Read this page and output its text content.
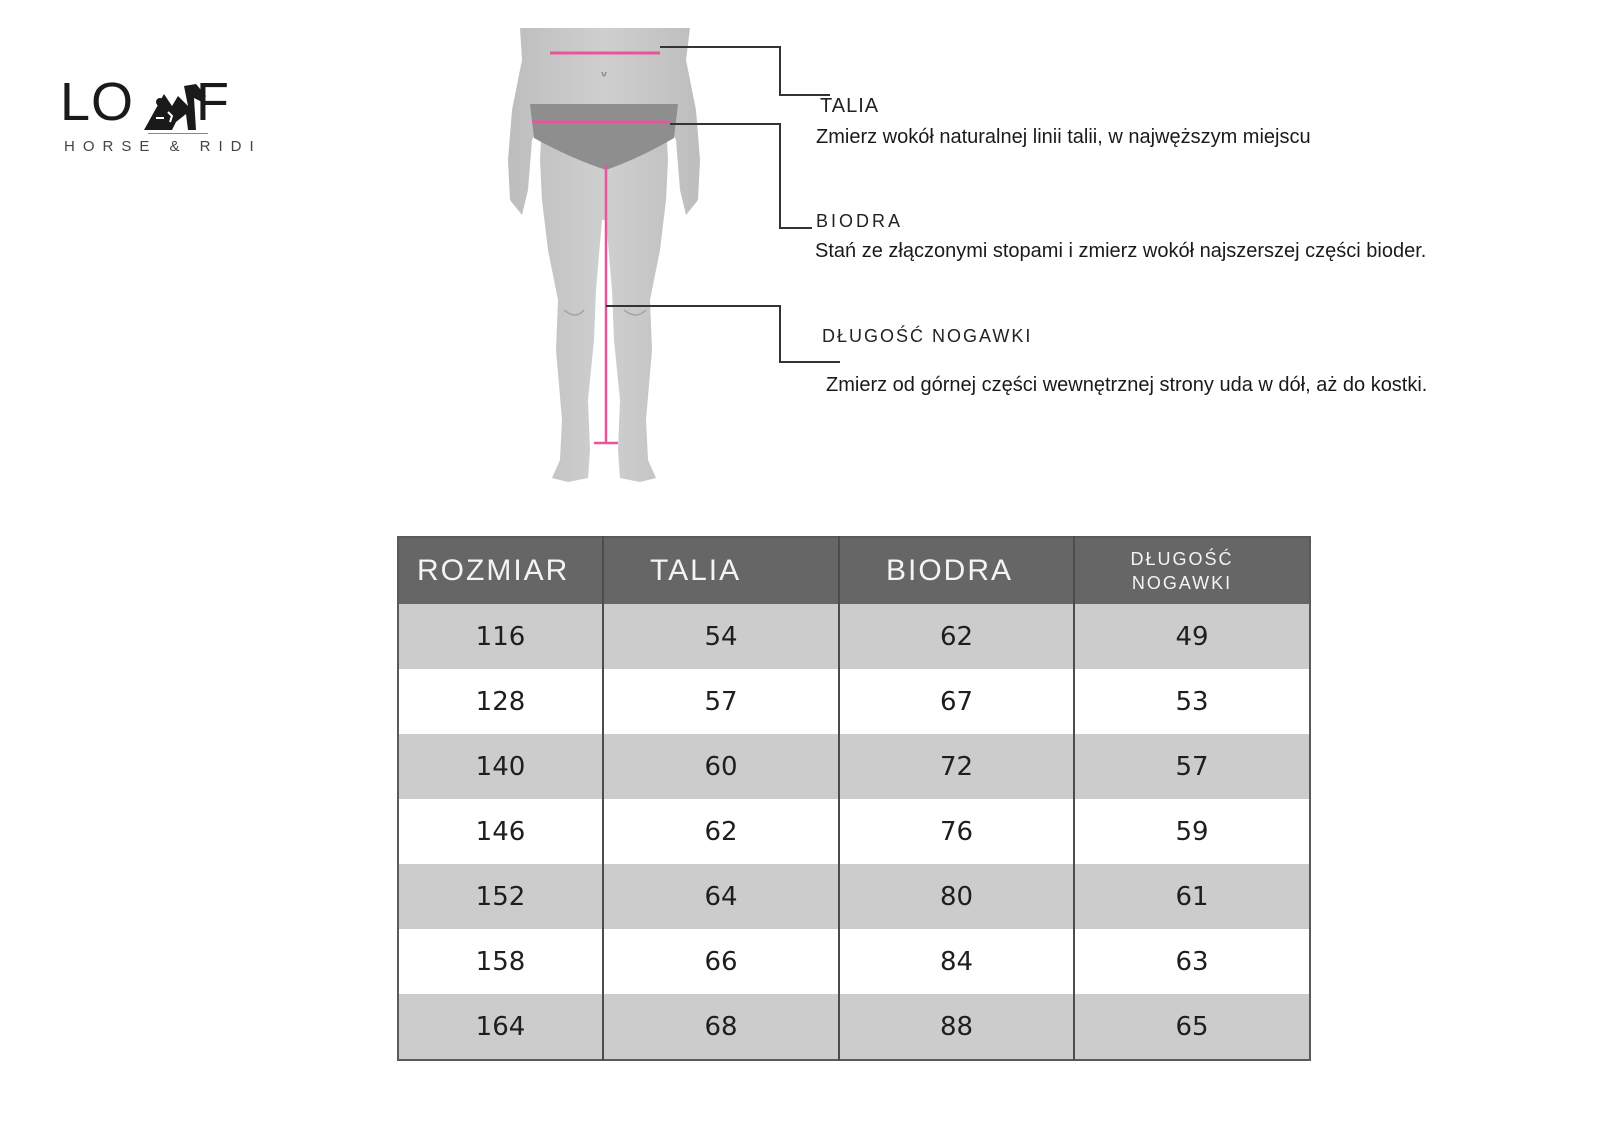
LO F
HORSE & RIDI
TALIA
Zmierz wokół naturalnej linii talii, w najwęższym miejscu
BIODRA
Stań ze złączonymi stopami i zmierz wokół najszerszej części bioder.
DŁUGOŚĆ NOGAWKI
Zmierz od górnej części wewnętrznej strony uda w dół, aż do kostki.
ROZMIAR	TALIA	BIODRA	DŁUGOŚĆ
NOGAWKI
116	54	62	49
128	57	67	53
140	60	72	57
146	62	76	59
152	64	80	61
158	66	84	63
164	68	88	65
